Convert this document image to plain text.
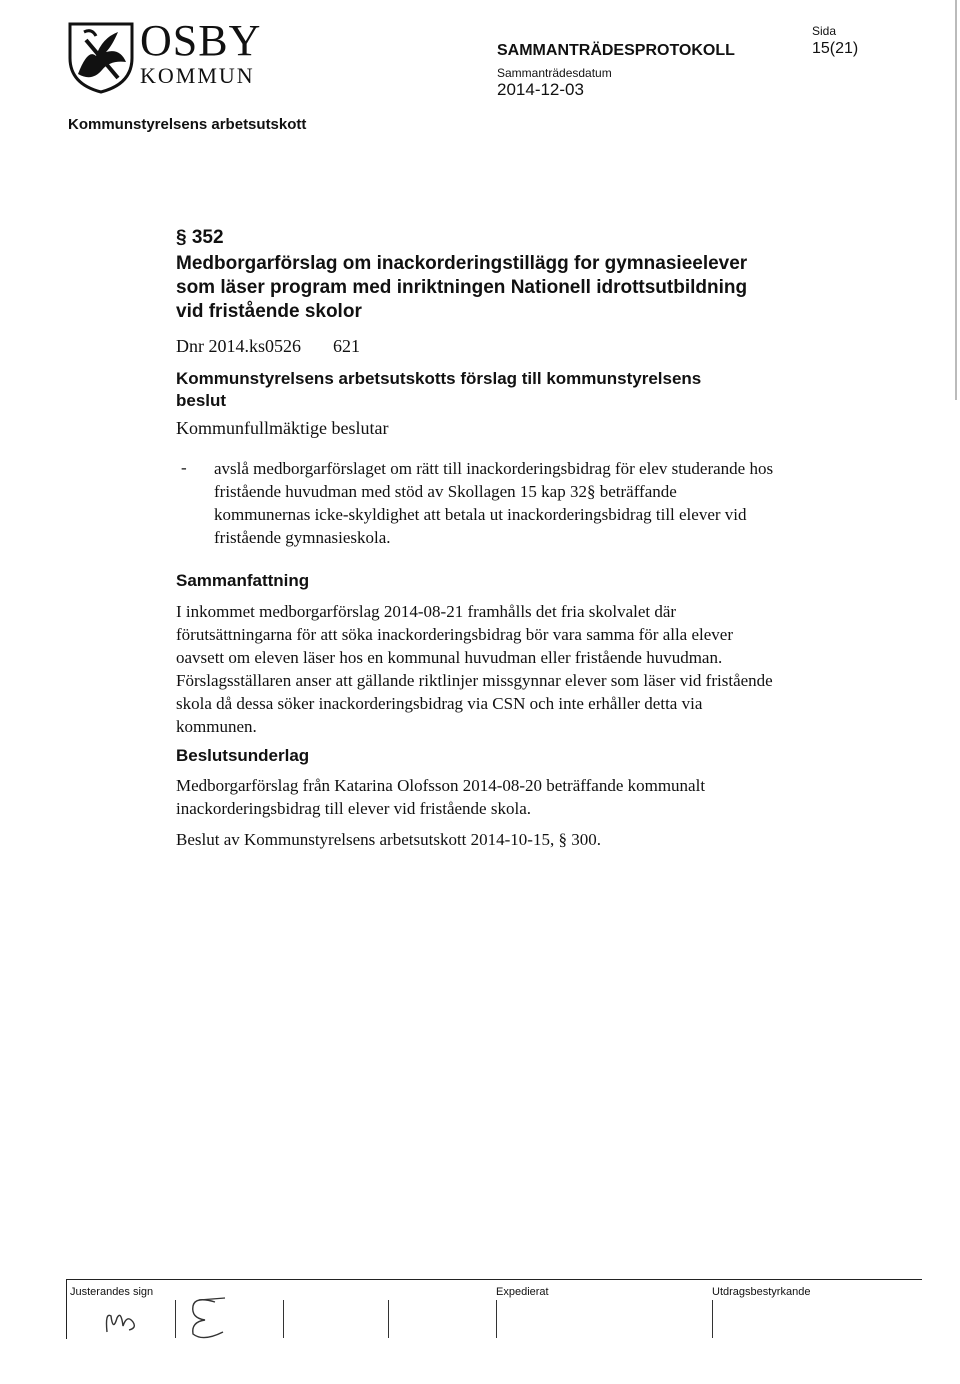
OSBY
KOMMUN
SAMMANTRÄDESPROTOKOLL
Sammanträdesdatum
2014-12-03
Sida
15(21)
Kommunstyrelsens arbetsutskott
§ 352
Medborgarförslag om inackorderingstillägg for gymnasieelever som läser program med inriktningen Nationell idrottsutbildning vid fristående skolor
Dnr 2014.ks0526 621
Kommunstyrelsens arbetsutskotts förslag till kommunstyrelsens beslut
Kommunfullmäktige beslutar
- avslå medborgarförslaget om rätt till inackorderingsbidrag för elev studerande hos fristående huvudman med stöd av Skollagen 15 kap 32§ beträffande kommunernas icke-skyldighet att betala ut inackorderingsbidrag till elever vid fristående gymnasieskola.
Sammanfattning
I inkommet medborgarförslag 2014-08-21 framhålls det fria skolvalet där förutsättningarna för att söka inackorderingsbidrag bör vara samma för alla elever oavsett om eleven läser hos en kommunal huvudman eller fristående huvudman. Förslagsställaren anser att gällande riktlinjer missgynnar elever som läser vid fristående skola då dessa söker inackorderingsbidrag via CSN och inte erhåller detta via kommunen.
Beslutsunderlag
Medborgarförslag från Katarina Olofsson 2014-08-20 beträffande kommunalt inackorderingsbidrag till elever vid fristående skola.
Beslut av Kommunstyrelsens arbetsutskott 2014-10-15, § 300.
Justerandes sign	Expedierat	Utdragsbestyrkande
